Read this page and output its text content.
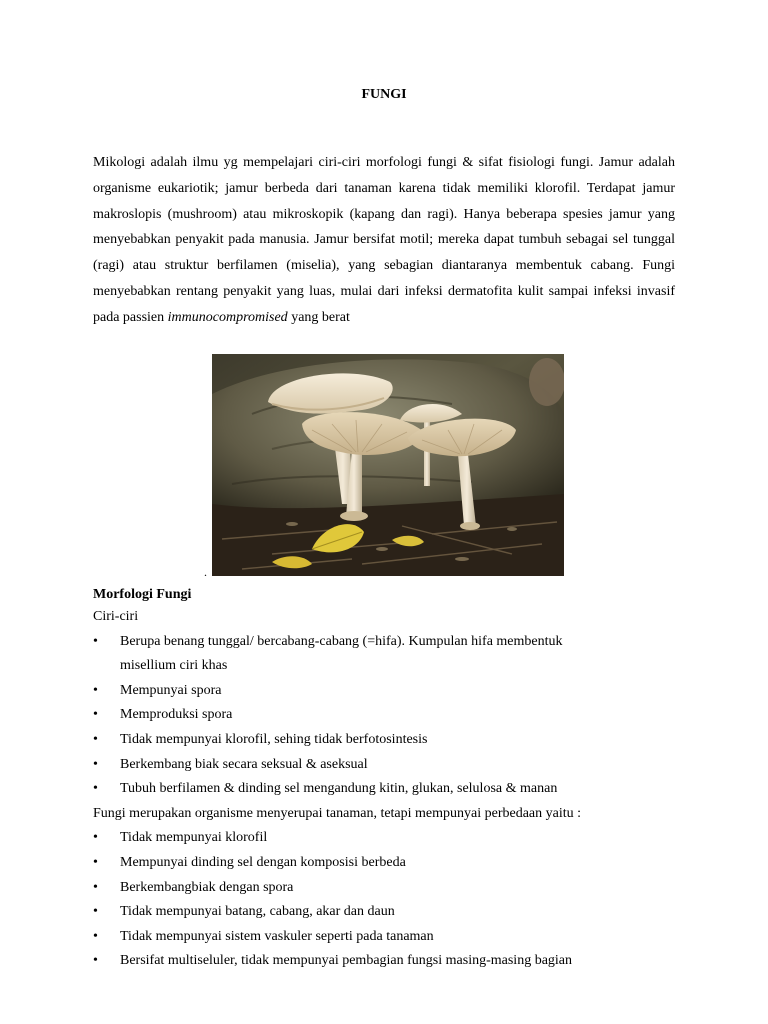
FUNGI

Mikologi adalah ilmu yg mempelajari ciri-ciri morfologi fungi & sifat fisiologi fungi. Jamur adalah organisme eukariotik; jamur berbeda dari tanaman karena tidak memiliki klorofil. Terdapat jamur makroslopis (mushroom) atau mikroskopik (kapang dan ragi). Hanya beberapa spesies jamur yang menyebabkan penyakit pada manusia. Jamur bersifat motil; mereka dapat tumbuh sebagai sel tunggal (ragi) atau struktur berfilamen (miselia), yang sebagian diantaranya membentuk cabang. Fungi menyebabkan rentang penyakit yang luas, mulai dari infeksi dermatofita kulit sampai infeksi invasif pada passien immunocompromised yang berat

.
Morfologi Fungi

Ciri-ciri

•	Berupa benang tunggal/ bercabang-cabang (=hifa). Kumpulan hifa membentuk
misellium ciri khas
•	Mempunyai spora
•	Memproduksi spora
•	Tidak mempunyai klorofil, sehing tidak berfotosintesis
•	Berkembang biak secara seksual & aseksual
•	Tubuh berfilamen & dinding sel mengandung kitin, glukan, selulosa & manan

Fungi merupakan organisme menyerupai tanaman, tetapi mempunyai perbedaan yaitu :

•	Tidak mempunyai klorofil
•	Mempunyai dinding sel dengan komposisi berbeda
•	Berkembangbiak dengan spora
•	Tidak mempunyai batang, cabang, akar dan daun
•	Tidak mempunyai sistem vaskuler seperti pada tanaman
•	Bersifat multiseluler, tidak mempunyai pembagian fungsi masing-masing bagian
